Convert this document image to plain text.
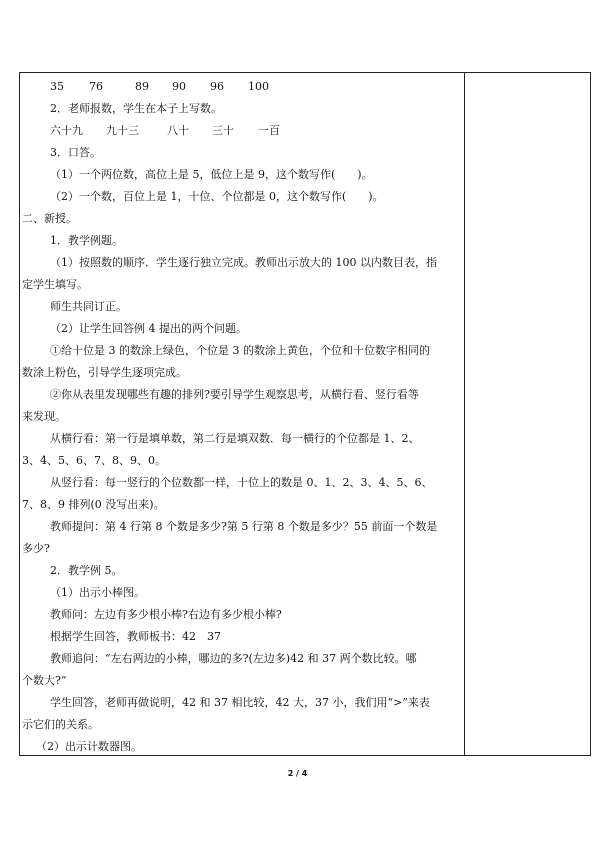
35 76	89 90 96 100

2．老师报数，学生在本子上写数。

六十九 九十三	八十 三十 一百

3．口答。

（1）一个两位数，高位上是 5，低位上是 9，这个数写作(　　)。

（2）一个数，百位上是 1，十位、个位都是 0，这个数写作(　　)。

二、新授。

1．教学例题。

（1）按照数的顺序．学生逐行独立完成。教师出示放大的 100 以内数目表，指

定学生填写。

师生共同订正。

（2）让学生回答例 4 提出的两个问题。

①给十位是 3 的数涂上绿色，个位是 3 的数涂上黄色，个位和十位数字相同的

数涂上粉色，引导学生逐项完成。

②你从表里发现哪些有趣的排列?要引导学生观察思考，从横行看、竖行看等

来发现。

从横行看：第一行是填单数，第二行是填双数．每一横行的个位都是 1、2、

3、4、5、6、7、8、9、0。

从竖行看：每一竖行的个位数都一样，十位上的数是 0、1、2、3、4、5、6、

7、8、9 排列(0 没写出来)。

教师提问：第 4 行第 8 个数是多少?第 5 行第 8 个数是多少？55 前面一个数是

多少?

2．教学例 5。

（1）出示小棒图。

教师问：左边有多少根小棒?右边有多少根小棒?

根据学生回答，教师板书：42　37

教师追问：“左右两边的小棒，哪边的多?(左边多)42 和 37 两个数比较。哪

个数大?”

学生回答，老师再做说明，42 和 37 相比较，42 大，37 小，我们用“>”来表

示它们的关系。

（2）出示计数器图。

2 / 4
